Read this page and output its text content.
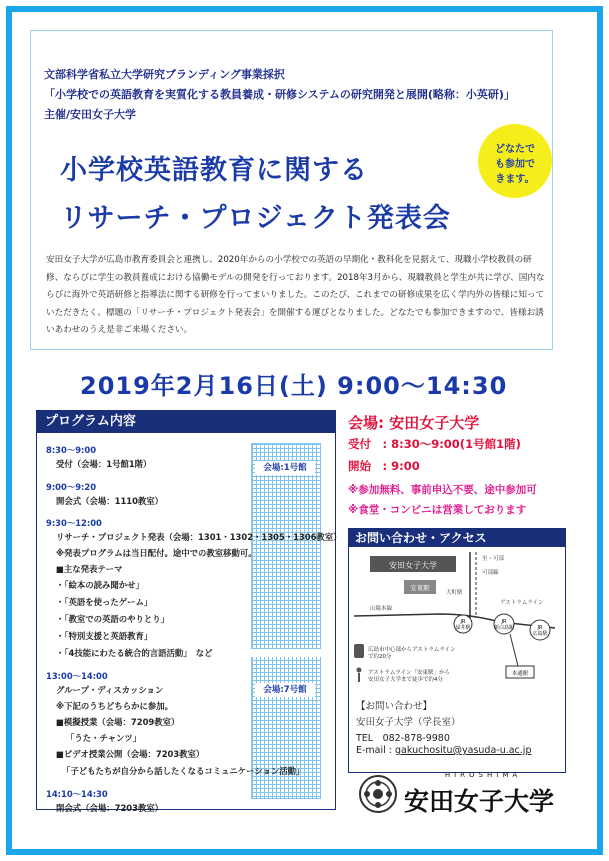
文部科学省私立大学研究ブランディング事業採択
「小学校での英語教育を実質化する教員養成・研修システムの研究開発と展開(略称：小英研)」
主催/安田女子大学
小学校英語教育に関する
リサーチ・プロジェクト発表会
どなたで
も参加で
きます。
安田女子大学が広島市教育委員会と連携し、2020年からの小学校での英語の早期化・教科化を見据えて、現職小学校教員の研修、ならびに学生の教員養成における協働モデルの開発を行っております。2018年3月から、現職教員と学生が共に学び、国内ならびに海外で英語研修と指導法に関する研修を行ってまいりました。このたび、これまでの研修成果を広く学内外の皆様に知っていただきたく、標題の「リサーチ・プロジェクト発表会」を開催する運びとなりました。どなたでも参加できますので、皆様お誘いあわせのうえ是非ご来場ください。
2019年2月16日(土) 9:00～14:30
プログラム内容
会場:1号館
会場:7号館
8:30～9:00
受付（会場：1号館1階）
9:00～9:20
開会式（会場：1110教室）
9:30～12:00
リサーチ・プロジェクト発表（会場：1301・1302・1305・1306教室）
※発表プログラムは当日配付。途中での教室移動可。
■主な発表テーマ
・「絵本の読み聞かせ」
・「英語を使ったゲーム」
・「教室での英語のやりとり」
・「特別支援と英語教育」
・「4技能にわたる統合的言語活動」　など
13:00～14:00
グループ・ディスカッション
※下記のうちどちらかに参加。
■模擬授業（会場：7209教室）
「うた・チャンツ」
■ビデオ授業公開（会場：7203教室）
「子どもたちが自分から話したくなるコミュニケーション活動」
14:10～14:30
閉会式（会場：7203教室）
会場: 安田女子大学
受付　: 8:30～9:00(1号館1階)
開始　: 9:00
※参加無料、事前申込不要、途中参加可
※食堂・コンビニは営業しております
お問い合わせ・アクセス
安田女子大学
安東駅
至・可部
可部線
大町駅
アストラムライン
山陽本線
JR
緑井駅
JR
新白島駅	JR
広島駅
本通駅
広島市中心部からアストラムライン
で約20分
アストラムライン「安東駅」から
安田女子大学まで徒歩で約4分
【お問い合わせ】
安田女子大学（学長室）
TEL　082-878-9980
E-mail : gakuchositu@yasuda-u.ac.jp
HIROSHIMA
安田女子大学
